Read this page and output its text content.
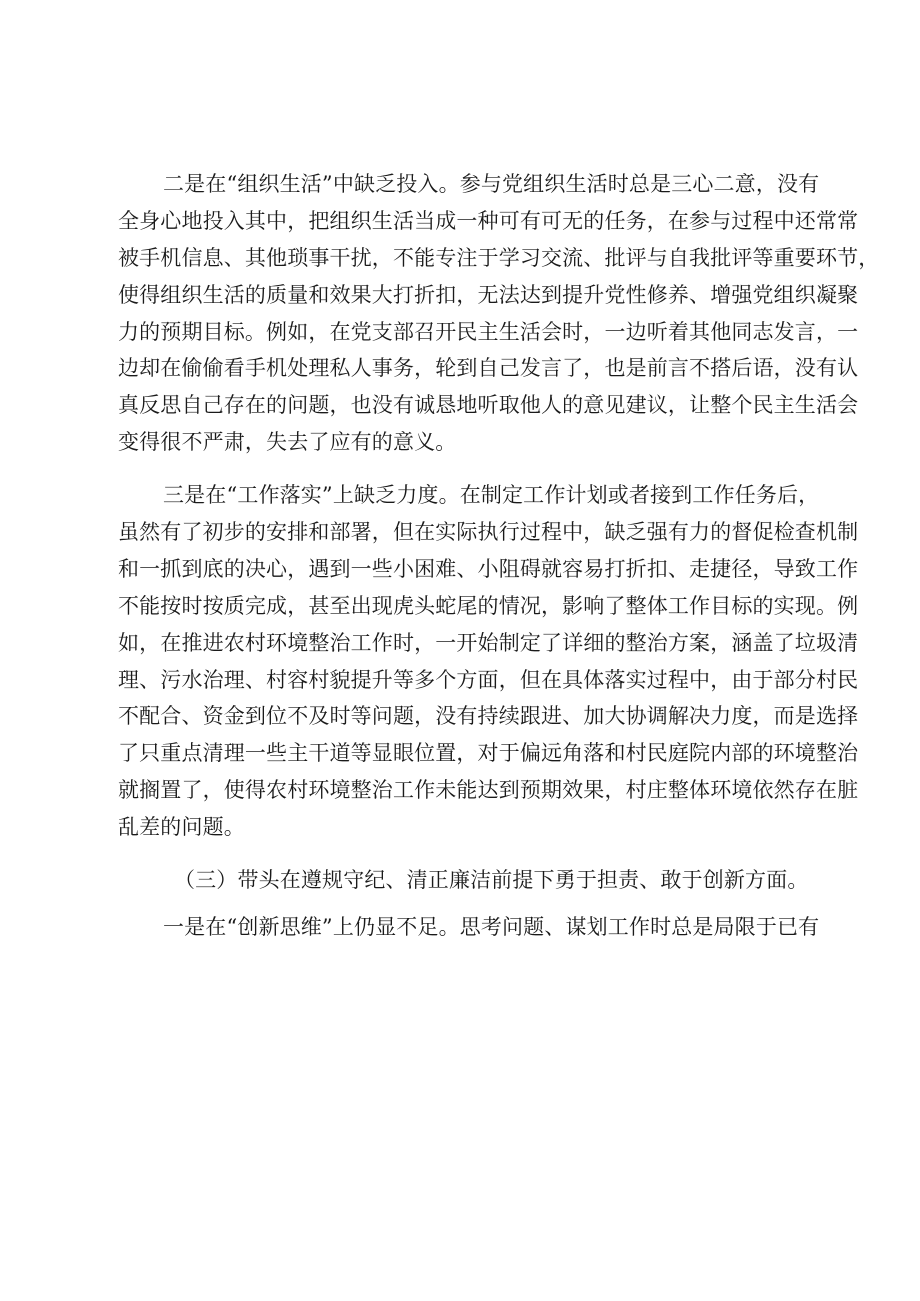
二是在“组织生活”中缺乏投入。参与党组织生活时总是三心二意，没有
全身心地投入其中，把组织生活当成一种可有可无的任务，在参与过程中还常常
被手机信息、其他琐事干扰，不能专注于学习交流、批评与自我批评等重要环节，
使得组织生活的质量和效果大打折扣，无法达到提升党性修养、增强党组织凝聚
力的预期目标。例如，在党支部召开民主生活会时，一边听着其他同志发言，一
边却在偷偷看手机处理私人事务，轮到自己发言了，也是前言不搭后语，没有认
真反思自己存在的问题，也没有诚恳地听取他人的意见建议，让整个民主生活会
变得很不严肃，失去了应有的意义。
三是在“工作落实”上缺乏力度。在制定工作计划或者接到工作任务后，
虽然有了初步的安排和部署，但在实际执行过程中，缺乏强有力的督促检查机制
和一抓到底的决心，遇到一些小困难、小阻碍就容易打折扣、走捷径，导致工作
不能按时按质完成，甚至出现虎头蛇尾的情况，影响了整体工作目标的实现。例
如，在推进农村环境整治工作时，一开始制定了详细的整治方案，涵盖了垃圾清
理、污水治理、村容村貌提升等多个方面，但在具体落实过程中，由于部分村民
不配合、资金到位不及时等问题，没有持续跟进、加大协调解决力度，而是选择
了只重点清理一些主干道等显眼位置，对于偏远角落和村民庭院内部的环境整治
就搁置了，使得农村环境整治工作未能达到预期效果，村庄整体环境依然存在脏
乱差的问题。
（三）带头在遵规守纪、清正廉洁前提下勇于担责、敢于创新方面。
一是在“创新思维”上仍显不足。思考问题、谋划工作时总是局限于已有
